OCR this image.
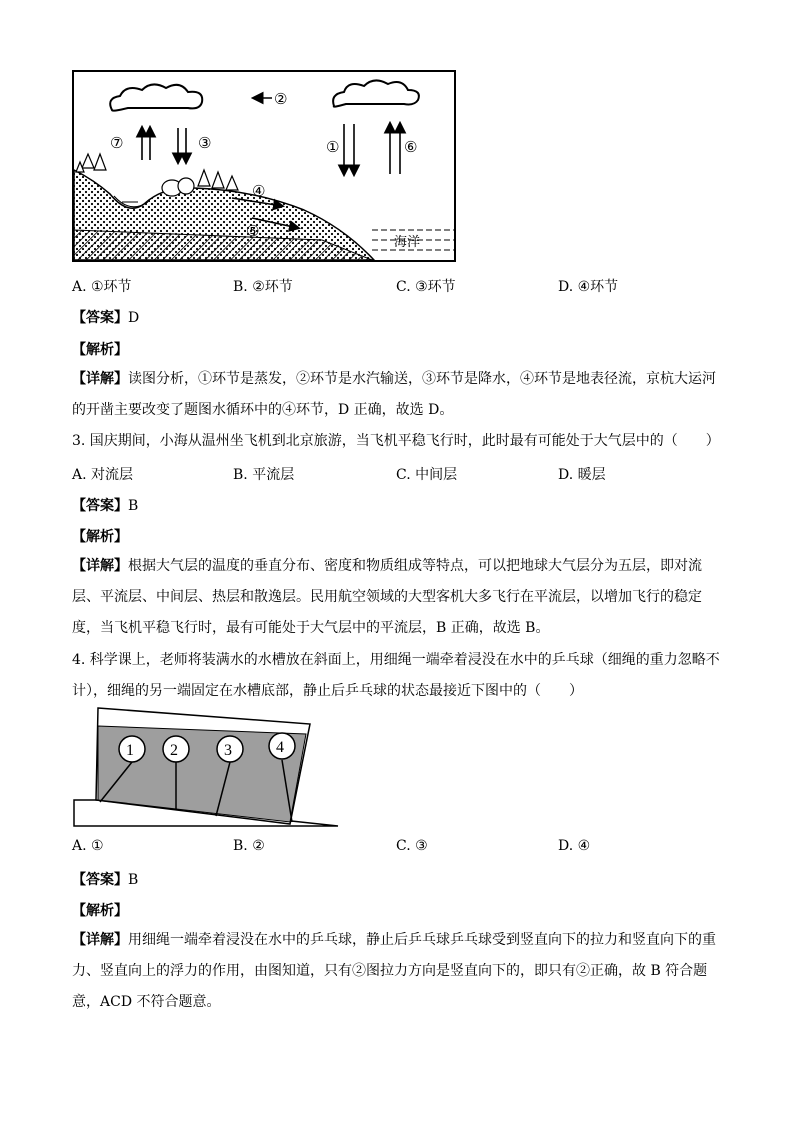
②
⑦	③	①	⑥
④
⑤
海洋
A. ①环节	B. ②环节	C. ③环节	D. ④环节
【答案】D
【解析】
【详解】读图分析，①环节是蒸发，②环节是水汽输送，③环节是降水，④环节是地表径流，京杭大运河的开凿主要改变了题图水循环中的④环节，D 正确，故选 D。
3. 国庆期间，小海从温州坐飞机到北京旅游，当飞机平稳飞行时，此时最有可能处于大气层中的（　　）
A. 对流层	B. 平流层	C. 中间层	D. 暖层
【答案】B
【解析】
【详解】根据大气层的温度的垂直分布、密度和物质组成等特点，可以把地球大气层分为五层，即对流层、平流层、中间层、热层和散逸层。民用航空领域的大型客机大多飞行在平流层，以增加飞行的稳定度，当飞机平稳飞行时，最有可能处于大气层中的平流层，B 正确，故选 B。
4. 科学课上，老师将装满水的水槽放在斜面上，用细绳一端牵着浸没在水中的乒乓球（细绳的重力忽略不计），细绳的另一端固定在水槽底部，静止后乒乓球的状态最接近下图中的（　　）
1 2	3	4
A. ①	B. ②	C. ③	D. ④
【答案】B
【解析】
【详解】用细绳一端牵着浸没在水中的乒乓球，静止后乒乓球乒乓球受到竖直向下的拉力和竖直向下的重力、竖直向上的浮力的作用，由图知道，只有②图拉力方向是竖直向下的，即只有②正确，故 B 符合题意，ACD 不符合题意。
